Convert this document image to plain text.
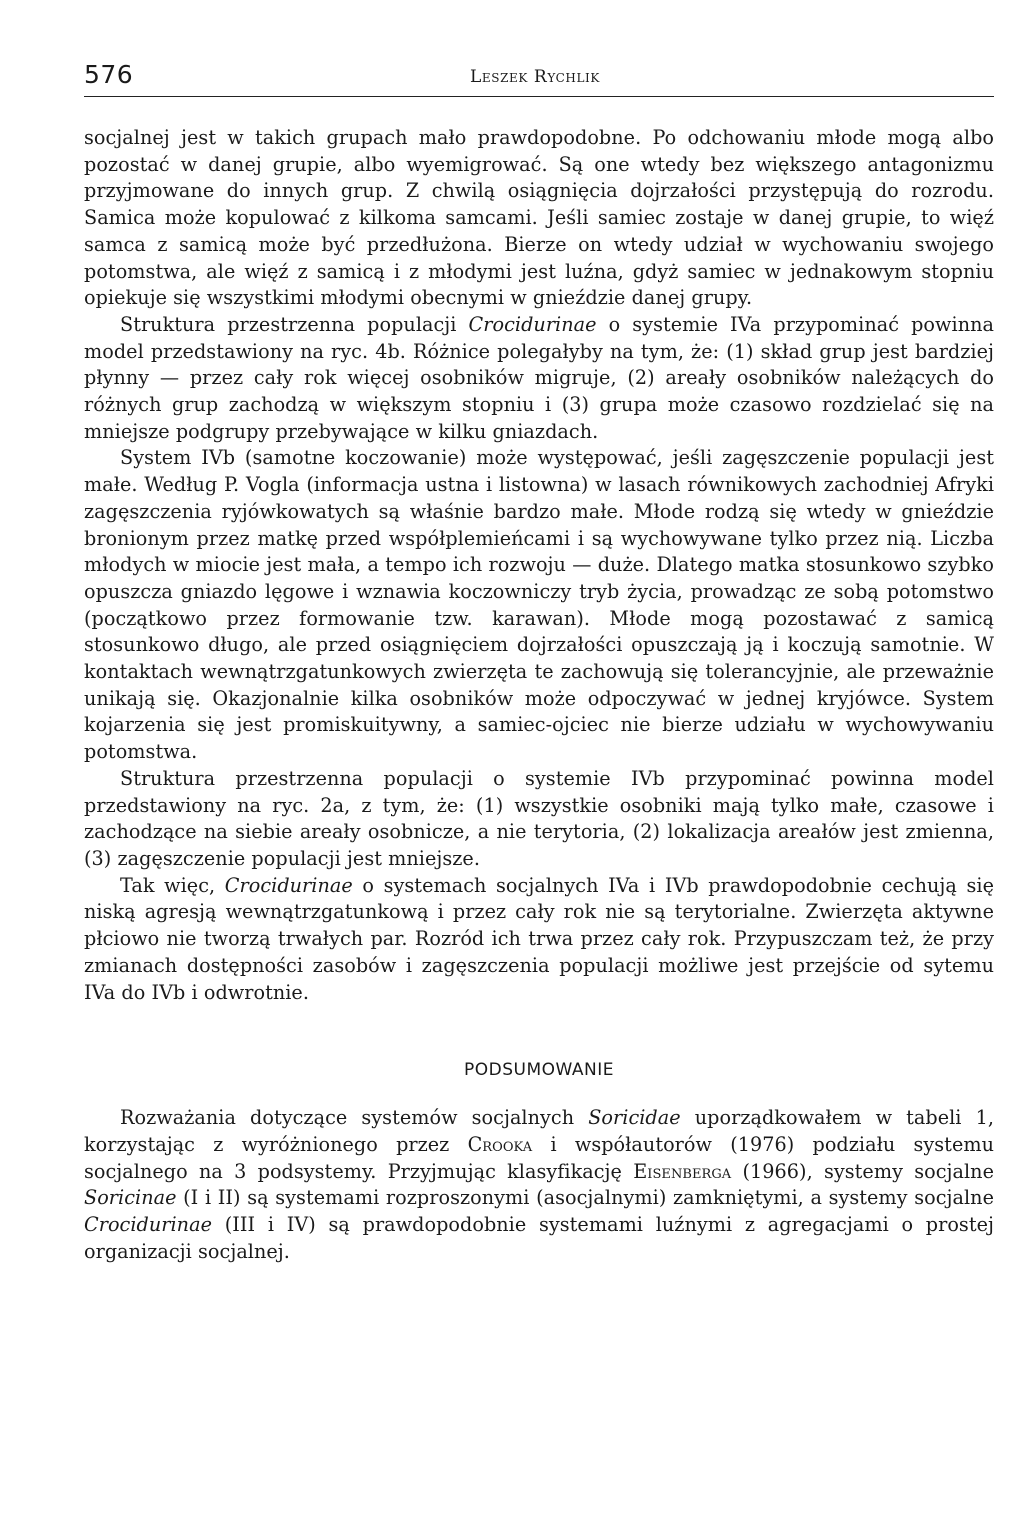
576	Leszek Rychlik

socjalnej jest w takich grupach mało prawdopodobne. Po odchowaniu młode mogą albo pozostać w danej grupie, albo wyemigrować. Są one wtedy bez większego antagonizmu przyjmowane do innych grup. Z chwilą osiągnięcia dojrzałości przystępują do rozrodu. Samica może kopulować z kilkoma samcami. Jeśli samiec zostaje w danej grupie, to więź samca z samicą może być przedłużona. Bierze on wtedy udział w wychowaniu swojego potomstwa, ale więź z samicą i z młodymi jest luźna, gdyż samiec w jednakowym stopniu opiekuje się wszystkimi młodymi obecnymi w gnieździe danej grupy.

Struktura przestrzenna populacji Crocidurinae o systemie IVa przypominać powinna model przedstawiony na ryc. 4b. Różnice polegałyby na tym, że: (1) skład grup jest bardziej płynny — przez cały rok więcej osobników migruje, (2) areały osobników należących do różnych grup zachodzą w większym stopniu i (3) grupa może czasowo rozdzielać się na mniejsze podgrupy przebywające w kilku gniazdach.

System IVb (samotne koczowanie) może występować, jeśli zagęszczenie populacji jest małe. Według P. Vogla (informacja ustna i listowna) w lasach równikowych zachodniej Afryki zagęszczenia ryjówkowatych są właśnie bardzo małe. Młode rodzą się wtedy w gnieździe bronionym przez matkę przed współplemieńcami i są wychowywane tylko przez nią. Liczba młodych w miocie jest mała, a tempo ich rozwoju — duże. Dlatego matka stosunkowo szybko opuszcza gniazdo lęgowe i wznawia koczowniczy tryb życia, prowadząc ze sobą potomstwo (początkowo przez formowanie tzw. karawan). Młode mogą pozostawać z samicą stosunkowo długo, ale przed osiągnięciem dojrzałości opuszczają ją i koczują samotnie. W kontaktach wewnątrzgatunkowych zwierzęta te zachowują się tolerancyjnie, ale przeważnie unikają się. Okazjonalnie kilka osobników może odpoczywać w jednej kryjówce. System kojarzenia się jest promiskuitywny, a samiec-ojciec nie bierze udziału w wychowywaniu potomstwa.

Struktura przestrzenna populacji o systemie IVb przypominać powinna model przedstawiony na ryc. 2a, z tym, że: (1) wszystkie osobniki mają tylko małe, czasowe i zachodzące na siebie areały osobnicze, a nie terytoria, (2) lokalizacja areałów jest zmienna, (3) zagęszczenie populacji jest mniejsze.

Tak więc, Crocidurinae o systemach socjalnych IVa i IVb prawdopodobnie cechują się niską agresją wewnątrzgatunkową i przez cały rok nie są terytorialne. Zwierzęta aktywne płciowo nie tworzą trwałych par. Rozród ich trwa przez cały rok. Przypuszczam też, że przy zmianach dostępności zasobów i zagęszczenia populacji możliwe jest przejście od sytemu IVa do IVb i odwrotnie.

PODSUMOWANIE

Rozważania dotyczące systemów socjalnych Soricidae uporządkowałem w tabeli 1, korzystając z wyróżnionego przez Crooka i współautorów (1976) podziału systemu socjalnego na 3 podsystemy. Przyjmując klasyfikację Eisenberga (1966), systemy socjalne Soricinae (I i II) są systemami rozproszonymi (asocjalnymi) zamkniętymi, a systemy socjalne Crocidurinae (III i IV) są prawdopodobnie systemami luźnymi z agregacjami o prostej organizacji socjalnej.
